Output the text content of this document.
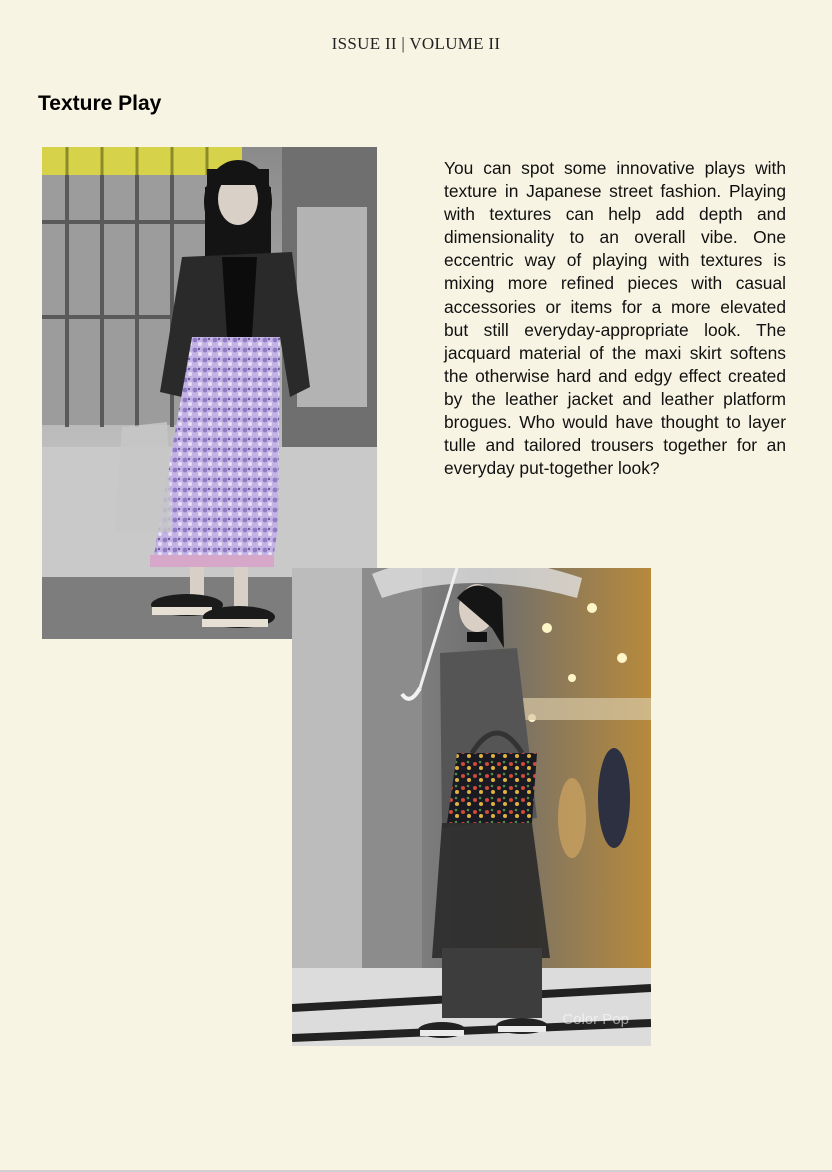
ISSUE II | VOLUME II
Texture Play
You can spot some innovative plays with texture in Japanese street fashion. Playing with textures can help add depth and dimensionality to an overall vibe. One eccentric way of playing with textures is mixing more refined pieces with casual accessories or items for a more elevated but still everyday-appropriate look. The jacquard material of the maxi skirt softens the otherwise hard and edgy effect created by the leather jacket and leather platform brogues. Who would have thought to layer tulle and tailored trousers together for an everyday put-together look?
Color Pop
